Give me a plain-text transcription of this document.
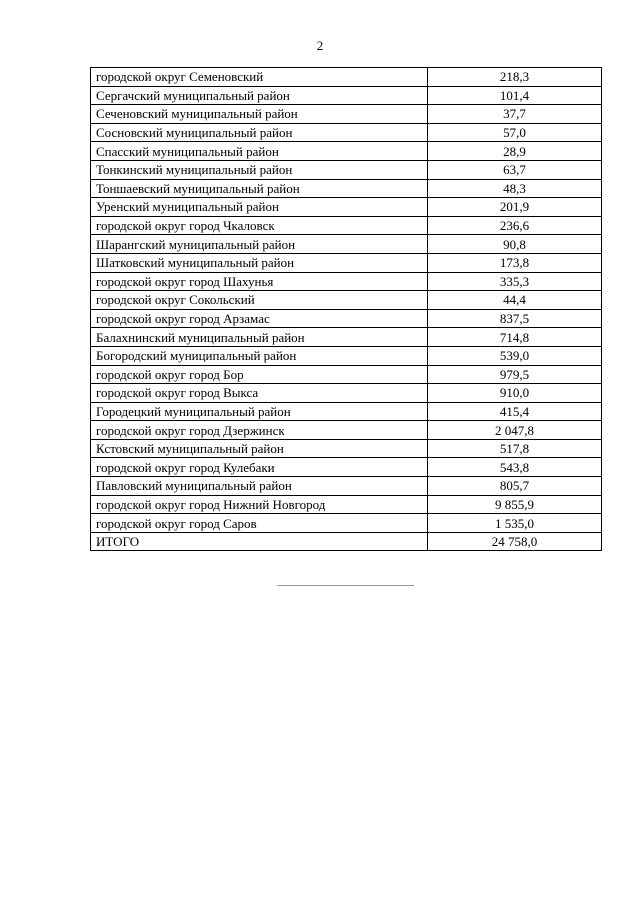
2
городской округ Семеновский	218,3
Сергачский муниципальный район	101,4
Сеченовский муниципальный район	37,7
Сосновский муниципальный район	57,0
Спасский муниципальный район	28,9
Тонкинский муниципальный район	63,7
Тоншаевский муниципальный район	48,3
Уренский муниципальный район	201,9
городской округ город Чкаловск	236,6
Шарангский муниципальный район	90,8
Шатковский муниципальный район	173,8
городской округ город Шахунья	335,3
городской округ Сокольский	44,4
городской округ город Арзамас	837,5
Балахнинский муниципальный район	714,8
Богородский муниципальный район	539,0
городской округ город Бор	979,5
городской округ город Выкса	910,0
Городецкий муниципальный район	415,4
городской округ город Дзержинск	2 047,8
Кстовский муниципальный район	517,8
городской округ город Кулебаки	543,8
Павловский муниципальный район	805,7
городской округ город Нижний Новгород	9 855,9
городской округ город Саров	1 535,0
ИТОГО	24 758,0
